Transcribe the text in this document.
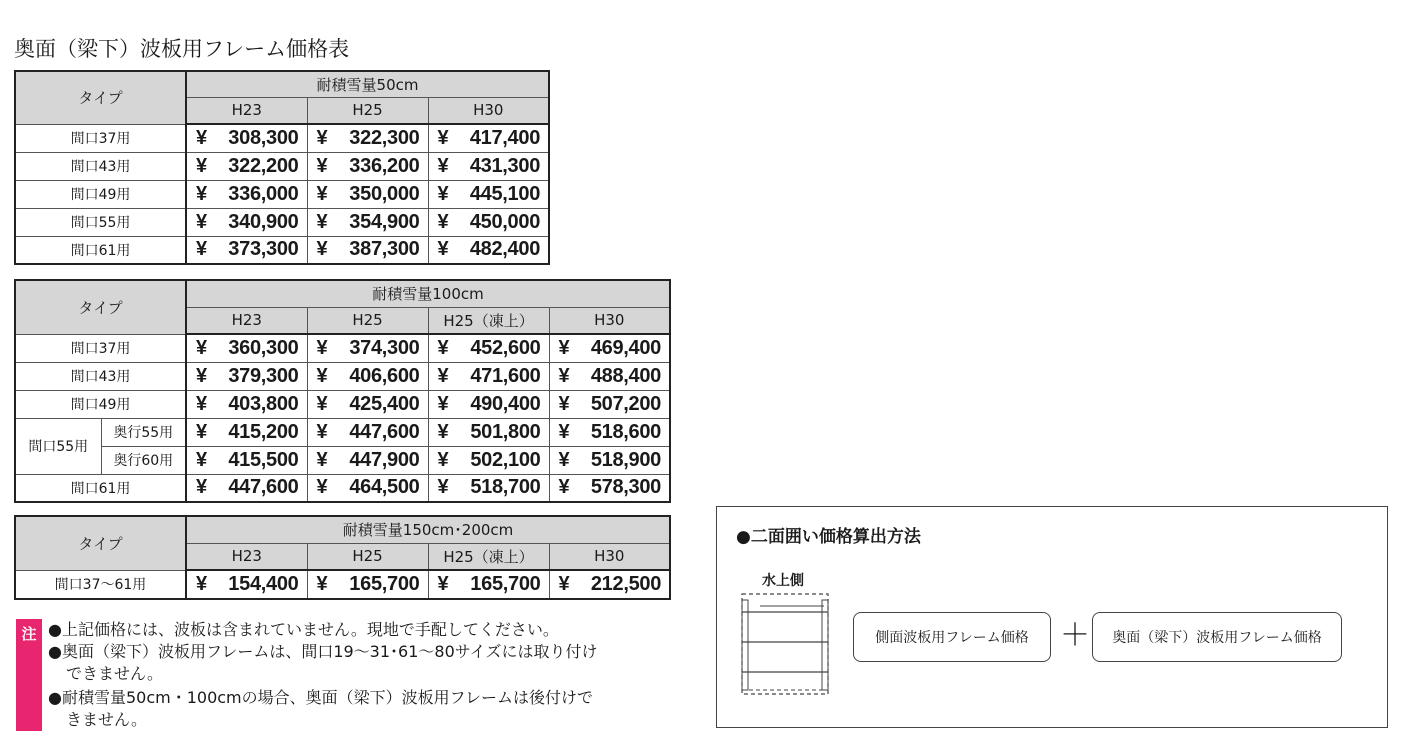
奥面（梁下）波板用フレーム価格表
タイプ	耐積雪量50cm		
	H23	H25	H30
間口37用	¥ 308,300	¥ 322,300	¥ 417,400
間口43用	¥ 322,200	¥ 336,200	¥ 431,300
間口49用	¥ 336,000	¥ 350,000	¥ 445,100
間口55用	¥ 340,900	¥ 354,900	¥ 450,000
間口61用	¥ 373,300	¥ 387,300	¥ 482,400
タイプ		耐積雪量100cm			
		H23	H25	H25（凍上）	H30
間口37用		¥ 360,300	¥ 374,300	¥ 452,600	¥ 469,400
間口43用		¥ 379,300	¥ 406,600	¥ 471,600	¥ 488,400
間口49用		¥ 403,800	¥ 425,400	¥ 490,400	¥ 507,200
間口55用	奥行55用	¥ 415,200	¥ 447,600	¥ 501,800	¥ 518,600
	奥行60用	¥ 415,500	¥ 447,900	¥ 502,100	¥ 518,900
間口61用		¥ 447,600	¥ 464,500	¥ 518,700	¥ 578,300
タイプ	耐積雪量150cm･200cm			
	H23	H25	H25（凍上）	H30
間口37～61用	¥ 154,400	¥ 165,700	¥ 165,700	¥ 212,500
注 ●上記価格には、波板は含まれていません。現地で手配してください。
●奥面（梁下）波板用フレームは、間口19～31･61～80サイズには取り付け
できません。
●耐積雪量50cm・100cmの場合、奥面（梁下）波板用フレームは後付けで
きません。
●二面囲い価格算出方法
水上側
側面波板用フレーム価格	＋	奥面（梁下）波板用フレーム価格
